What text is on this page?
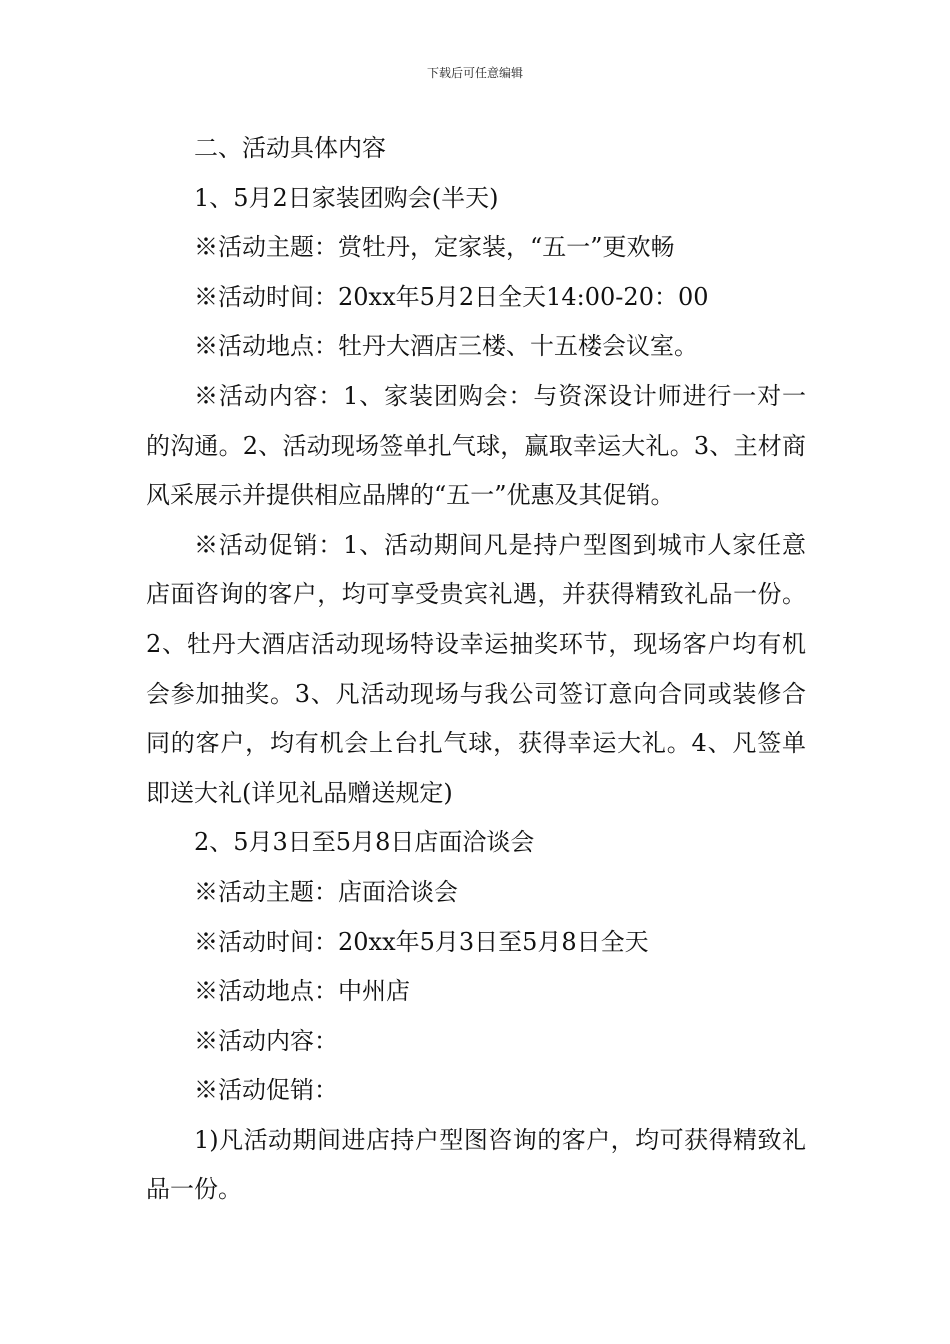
下载后可任意编辑

二、活动具体内容

1、5月2日家装团购会(半天)

※活动主题：赏牡丹，定家装，“五一”更欢畅

※活动时间：20xx年5月2日全天14:00-20：00

※活动地点：牡丹大酒店三楼、十五楼会议室。

※活动内容：1、家装团购会：与资深设计师进行一对一的沟通。2、活动现场签单扎气球，赢取幸运大礼。3、主材商风采展示并提供相应品牌的“五一”优惠及其促销。

※活动促销：1、活动期间凡是持户型图到城市人家任意店面咨询的客户，均可享受贵宾礼遇，并获得精致礼品一份。2、牡丹大酒店活动现场特设幸运抽奖环节，现场客户均有机会参加抽奖。3、凡活动现场与我公司签订意向合同或装修合同的客户，均有机会上台扎气球，获得幸运大礼。4、凡签单即送大礼(详见礼品赠送规定)

2、5月3日至5月8日店面洽谈会

※活动主题：店面洽谈会

※活动时间：20xx年5月3日至5月8日全天

※活动地点：中州店

※活动内容：

※活动促销：

1)凡活动期间进店持户型图咨询的客户，均可获得精致礼品一份。
